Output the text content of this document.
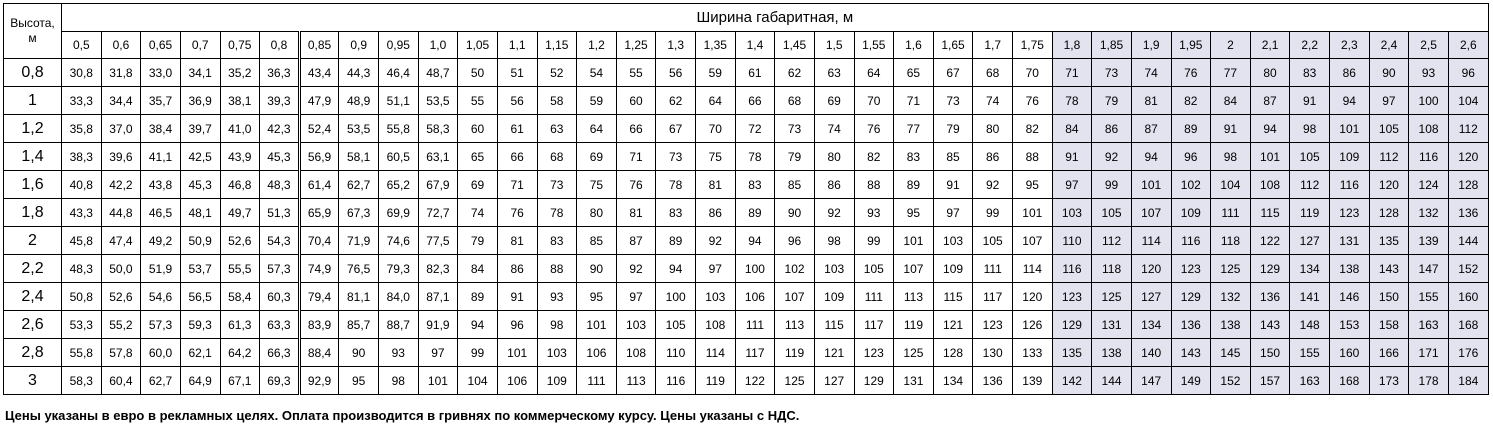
Высота,
м	Ширина габаритная, м																																			
	0,5	0,6	0,65	0,7	0,75	0,8	0,85	0,9	0,95	1,0	1,05	1,1	1,15	1,2	1,25	1,3	1,35	1,4	1,45	1,5	1,55	1,6	1,65	1,7	1,75	1,8	1,85	1,9	1,95	2	2,1	2,2	2,3	2,4	2,5	2,6
0,8	30,8	31,8	33,0	34,1	35,2	36,3	43,4	44,3	46,4	48,7	50	51	52	54	55	56	59	61	62	63	64	65	67	68	70	71	73	74	76	77	80	83	86	90	93	96
1	33,3	34,4	35,7	36,9	38,1	39,3	47,9	48,9	51,1	53,5	55	56	58	59	60	62	64	66	68	69	70	71	73	74	76	78	79	81	82	84	87	91	94	97	100	104
1,2	35,8	37,0	38,4	39,7	41,0	42,3	52,4	53,5	55,8	58,3	60	61	63	64	66	67	70	72	73	74	76	77	79	80	82	84	86	87	89	91	94	98	101	105	108	112
1,4	38,3	39,6	41,1	42,5	43,9	45,3	56,9	58,1	60,5	63,1	65	66	68	69	71	73	75	78	79	80	82	83	85	86	88	91	92	94	96	98	101	105	109	112	116	120
1,6	40,8	42,2	43,8	45,3	46,8	48,3	61,4	62,7	65,2	67,9	69	71	73	75	76	78	81	83	85	86	88	89	91	92	95	97	99	101	102	104	108	112	116	120	124	128
1,8	43,3	44,8	46,5	48,1	49,7	51,3	65,9	67,3	69,9	72,7	74	76	78	80	81	83	86	89	90	92	93	95	97	99	101	103	105	107	109	111	115	119	123	128	132	136
2	45,8	47,4	49,2	50,9	52,6	54,3	70,4	71,9	74,6	77,5	79	81	83	85	87	89	92	94	96	98	99	101	103	105	107	110	112	114	116	118	122	127	131	135	139	144
2,2	48,3	50,0	51,9	53,7	55,5	57,3	74,9	76,5	79,3	82,3	84	86	88	90	92	94	97	100	102	103	105	107	109	111	114	116	118	120	123	125	129	134	138	143	147	152
2,4	50,8	52,6	54,6	56,5	58,4	60,3	79,4	81,1	84,0	87,1	89	91	93	95	97	100	103	106	107	109	111	113	115	117	120	123	125	127	129	132	136	141	146	150	155	160
2,6	53,3	55,2	57,3	59,3	61,3	63,3	83,9	85,7	88,7	91,9	94	96	98	101	103	105	108	111	113	115	117	119	121	123	126	129	131	134	136	138	143	148	153	158	163	168
2,8	55,8	57,8	60,0	62,1	64,2	66,3	88,4	90	93	97	99	101	103	106	108	110	114	117	119	121	123	125	128	130	133	135	138	140	143	145	150	155	160	166	171	176
3	58,3	60,4	62,7	64,9	67,1	69,3	92,9	95	98	101	104	106	109	111	113	116	119	122	125	127	129	131	134	136	139	142	144	147	149	152	157	163	168	173	178	184
Цены указаны в евро в рекламных целях. Оплата производится в гривнях по коммерческому курсу. Цены указаны с НДС.
